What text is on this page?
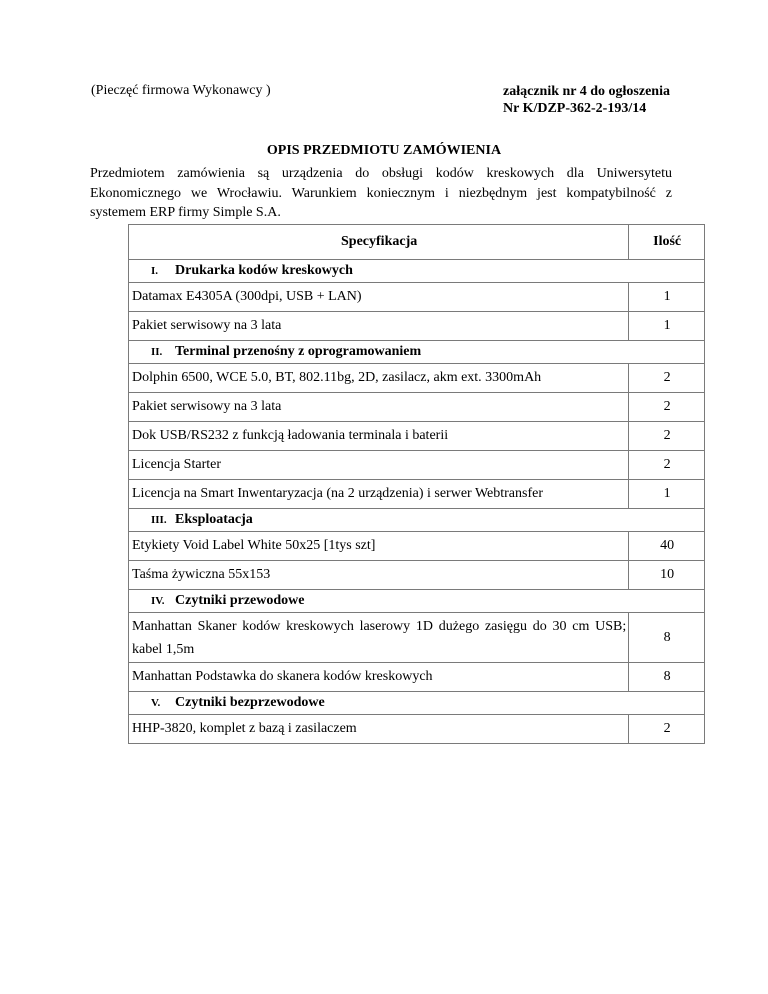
(Pieczęć firmowa Wykonawcy )	załącznik nr 4 do ogłoszenia
Nr K/DZP-362-2-193/14
OPIS PRZEDMIOTU ZAMÓWIENIA
Przedmiotem zamówienia są urządzenia do obsługi kodów kreskowych dla Uniwersytetu
Ekonomicznego we Wrocławiu. Warunkiem koniecznym i niezbędnym jest kompatybilność z
systemem ERP firmy Simple S.A.
Specyfikacja	Ilość
I. Drukarka kodów kreskowych	
Datamax E4305A (300dpi, USB + LAN)	1
Pakiet serwisowy na 3 lata	1
II. Terminal przenośny z oprogramowaniem	
Dolphin 6500, WCE 5.0, BT, 802.11bg, 2D, zasilacz, akm ext. 3300mAh	2
Pakiet serwisowy na 3 lata	2
Dok USB/RS232 z funkcją ładowania terminala i baterii	2
Licencja Starter	2
Licencja na Smart Inwentaryzacja (na 2 urządzenia) i serwer Webtransfer	1
III. Eksploatacja	
Etykiety Void Label White 50x25 [1tys szt]	40
Taśma żywiczna 55x153	10
IV. Czytniki przewodowe	
Manhattan Skaner kodów kreskowych laserowy 1D dużego zasięgu do 30 cm USB; kabel 1,5m	8
Manhattan Podstawka do skanera kodów kreskowych	8
V. Czytniki bezprzewodowe	
HHP-3820, komplet z bazą i zasilaczem	2
